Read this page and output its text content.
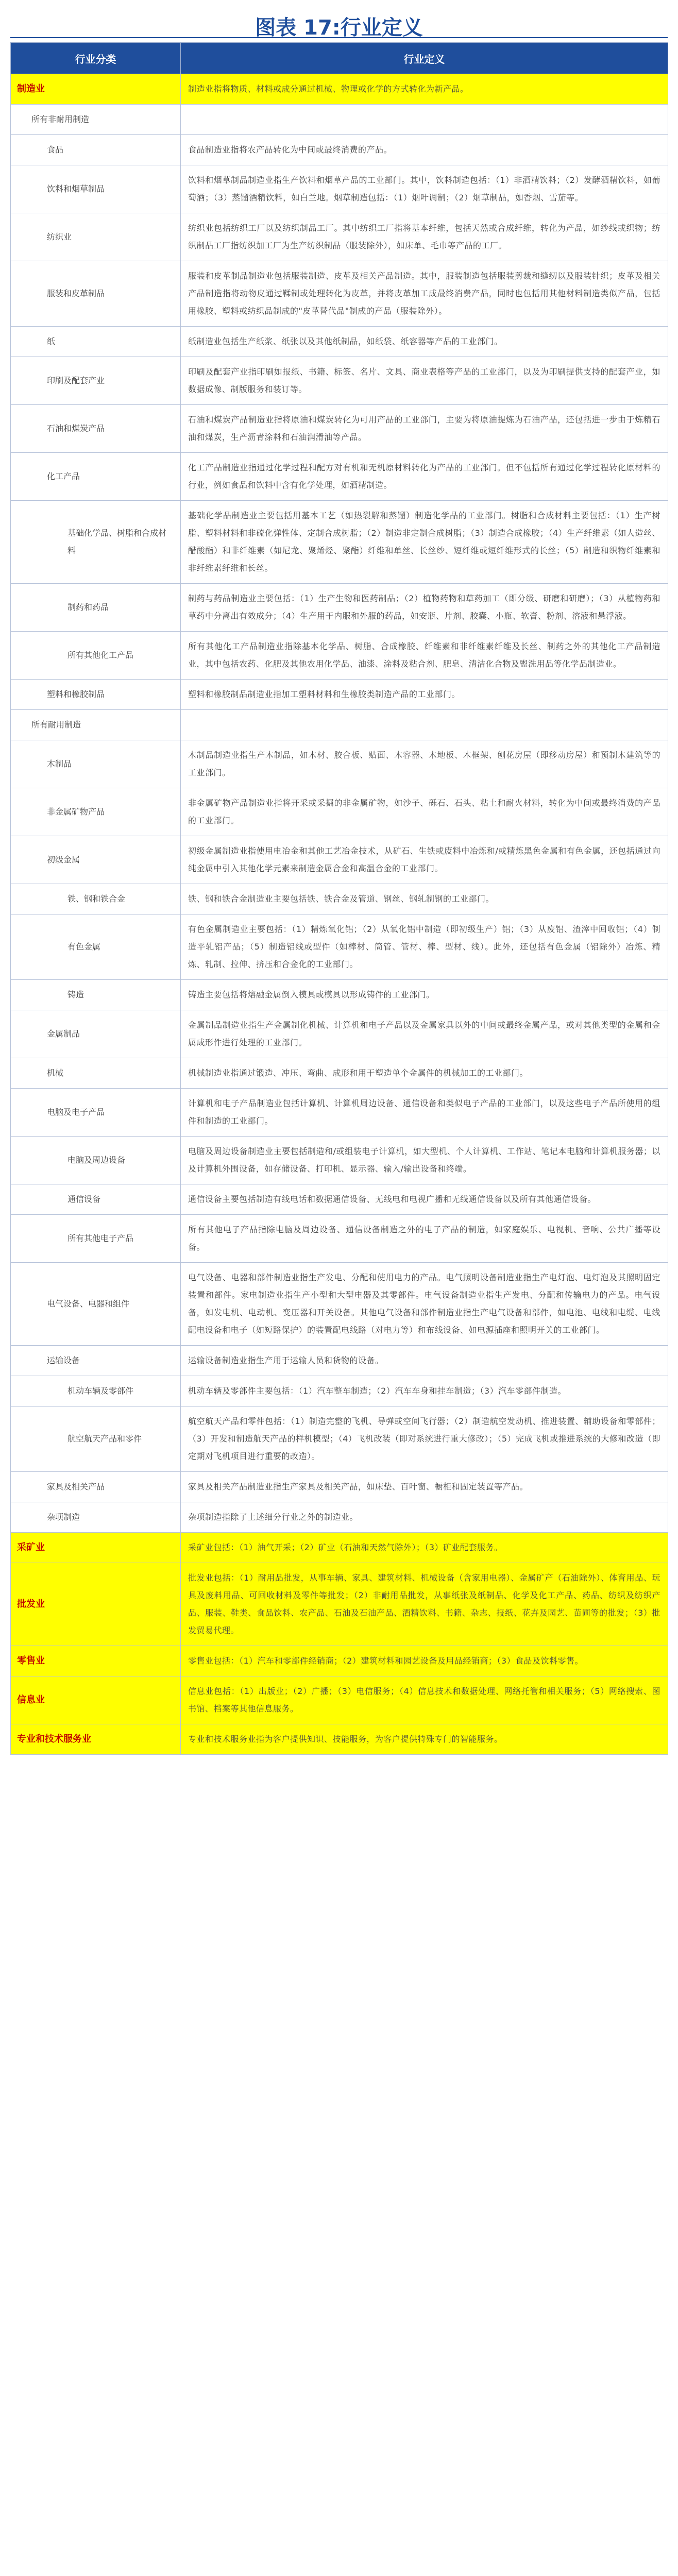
图表 17:行业定义
行业分类	行业定义
制造业	制造业指将物质、材料或成分通过机械、物理或化学的方式转化为新产品。
所有非耐用制造	
食品	食品制造业指将农产品转化为中间或最终消费的产品。
饮料和烟草制品	饮料和烟草制品制造业指生产饮料和烟草产品的工业部门。其中，饮料制造包括：（1）非酒精饮料；（2）发酵酒精饮料，如葡萄酒；（3）蒸馏酒精饮料，如白兰地。烟草制造包括：（1）烟叶调制；（2）烟草制品，如香烟、雪茄等。
纺织业	纺织业包括纺织工厂以及纺织制品工厂。其中纺织工厂指将基本纤维，包括天然或合成纤维，转化为产品，如纱线或织物；纺织制品工厂指纺织加工厂为生产纺织制品（服装除外），如床单、毛巾等产品的工厂。
服装和皮革制品	服装和皮革制品制造业包括服装制造、皮革及相关产品制造。其中，服装制造包括服装剪裁和缝纫以及服装针织；皮革及相关产品制造指将动物皮通过鞣制或处理转化为皮革，并将皮革加工成最终消费产品，同时也包括用其他材料制造类似产品，包括用橡胶、塑料或纺织品制成的"皮革替代品"制成的产品（服装除外）。
纸	纸制造业包括生产纸浆、纸张以及其他纸制品，如纸袋、纸容器等产品的工业部门。
印刷及配套产业	印刷及配套产业指印刷如报纸、书籍、标签、名片、文具、商业表格等产品的工业部门，以及为印刷提供支持的配套产业，如数据成像、制版服务和装订等。
石油和煤炭产品	石油和煤炭产品制造业指将原油和煤炭转化为可用产品的工业部门，主要为将原油提炼为石油产品，还包括进一步由于炼精石油和煤炭，生产沥青涂料和石油润滑油等产品。
化工产品	化工产品制造业指通过化学过程和配方对有机和无机原材料转化为产品的工业部门。但不包括所有通过化学过程转化原材料的行业，例如食品和饮料中含有化学处理，如酒精制造。
基础化学品、树脂和合成材料	基础化学品制造业主要包括用基本工艺（如热裂解和蒸馏）制造化学品的工业部门。树脂和合成材料主要包括：（1）生产树脂、塑料材料和非硫化弹性体、定制合成树脂；（2）制造非定制合成树脂；（3）制造合成橡胶；（4）生产纤维素（如人造丝、醋酸酯）和非纤维素（如尼龙、聚烯烃、聚酯）纤维和单丝、长丝纱、短纤维或短纤维形式的长丝；（5）制造和织物纤维素和非纤维素纤维和长丝。
制药和药品	制药与药品制造业主要包括：（1）生产生物和医药制品；（2）植物药物和草药加工（即分级、研磨和研磨）；（3）从植物药和草药中分离出有效成分；（4）生产用于内服和外服的药品，如安瓶、片剂、胶囊、小瓶、软膏、粉剂、溶液和悬浮液。
所有其他化工产品	所有其他化工产品制造业指除基本化学品、树脂、合成橡胶、纤维素和非纤维素纤维及长丝、制药之外的其他化工产品制造业，其中包括农药、化肥及其他农用化学品、油漆、涂料及粘合剂、肥皂、清洁化合物及盥洗用品等化学品制造业。
塑料和橡胶制品	塑料和橡胶制品制造业指加工塑料材料和生橡胶类制造产品的工业部门。
所有耐用制造	
木制品	木制品制造业指生产木制品，如木材、胶合板、贴面、木容器、木地板、木框架、刨花房屋（即移动房屋）和预制木建筑等的工业部门。
非金属矿物产品	非金属矿物产品制造业指将开采或采掘的非金属矿物，如沙子、砾石、石头、粘土和耐火材料，转化为中间或最终消费的产品的工业部门。
初级金属	初级金属制造业指使用电冶金和其他工艺冶金技术，从矿石、生铁或废料中冶炼和/或精炼黑色金属和有色金属，还包括通过向纯金属中引入其他化学元素来制造金属合金和高温合金的工业部门。
铁、钢和铁合金	铁、钢和铁合金制造业主要包括铁、铁合金及管道、钢丝、钢轧制钢的工业部门。
有色金属	有色金属制造业主要包括：（1）精炼氧化铝；（2）从氧化铝中制造（即初级生产）铝；（3）从废铝、渣滓中回收铝；（4）制造平轧铝产品；（5）制造铝线或型件（如棒材、筒管、管材、棒、型材、线）。此外，还包括有色金属（铝除外）冶炼、精炼、轧制、拉伸、挤压和合金化的工业部门。
铸造	铸造主要包括将熔融金属倒入模具或模具以形成铸件的工业部门。
金属制品	金属制品制造业指生产金属制化机械、计算机和电子产品以及金属家具以外的中间或最终金属产品，或对其他类型的金属和金属成形件进行处理的工业部门。
机械	机械制造业指通过锻造、冲压、弯曲、成形和用于塑造单个金属件的机械加工的工业部门。
电脑及电子产品	计算机和电子产品制造业包括计算机、计算机周边设备、通信设备和类似电子产品的工业部门，以及这些电子产品所使用的组件和制造的工业部门。
电脑及周边设备	电脑及周边设备制造业主要包括制造和/或组装电子计算机，如大型机、个人计算机、工作站、笔记本电脑和计算机服务器；以及计算机外围设备，如存储设备、打印机、显示器、输入/输出设备和终端。
通信设备	通信设备主要包括制造有线电话和数据通信设备、无线电和电视广播和无线通信设备以及所有其他通信设备。
所有其他电子产品	所有其他电子产品指除电脑及周边设备、通信设备制造之外的电子产品的制造，如家庭娱乐、电视机、音响、公共广播等设备。
电气设备、电器和组件	电气设备、电器和部件制造业指生产发电、分配和使用电力的产品。电气照明设备制造业指生产电灯泡、电灯泡及其照明固定装置和部件。家电制造业指生产小型和大型电器及其零部件。电气设备制造业指生产发电、分配和传输电力的产品。电气设备，如发电机、电动机、变压器和开关设备。其他电气设备和部件制造业指生产电气设备和部件，如电池、电线和电缆、电线配电设备和电子（如短路保护）的装置配电线路（对电力等）和布线设备、如电源插座和照明开关的工业部门。
运输设备	运输设备制造业指生产用于运输人员和货物的设备。
机动车辆及零部件	机动车辆及零部件主要包括：（1）汽车整车制造；（2）汽车车身和挂车制造；（3）汽车零部件制造。
航空航天产品和零件	航空航天产品和零件包括：（1）制造完整的飞机、导弹或空间飞行器；（2）制造航空发动机、推进装置、辅助设备和零部件；（3）开发和制造航天产品的样机模型；（4）飞机改装（即对系统进行重大修改）；（5）完成飞机或推进系统的大修和改造（即定期对飞机项目进行重要的改造）。
家具及相关产品	家具及相关产品制造业指生产家具及相关产品，如床垫、百叶窗、橱柜和固定装置等产品。
杂项制造	杂项制造指除了上述细分行业之外的制造业。
采矿业	采矿业包括：（1）油气开采；（2）矿业（石油和天然气除外）；（3）矿业配套服务。
批发业	批发业包括：（1）耐用品批发，从事车辆、家具、建筑材料、机械设备（含家用电器）、金属矿产（石油除外）、体育用品、玩具及废料用品、可回收材料及零件等批发；（2）非耐用品批发，从事纸张及纸制品、化学及化工产品、药品、纺织及纺织产品、服装、鞋类、食品饮料、农产品、石油及石油产品、酒精饮料、书籍、杂志、报纸、花卉及园艺、苗圃等的批发；（3）批发贸易代理。
零售业	零售业包括：（1）汽车和零部件经销商；（2）建筑材料和园艺设备及用品经销商；（3）食品及饮料零售。
信息业	信息业包括：（1）出版业；（2）广播；（3）电信服务；（4）信息技术和数据处理、网络托管和相关服务；（5）网络搜索、图书馆、档案等其他信息服务。
专业和技术服务业	专业和技术服务业指为客户提供知识、技能服务，为客户提供特殊专门的智能服务。
